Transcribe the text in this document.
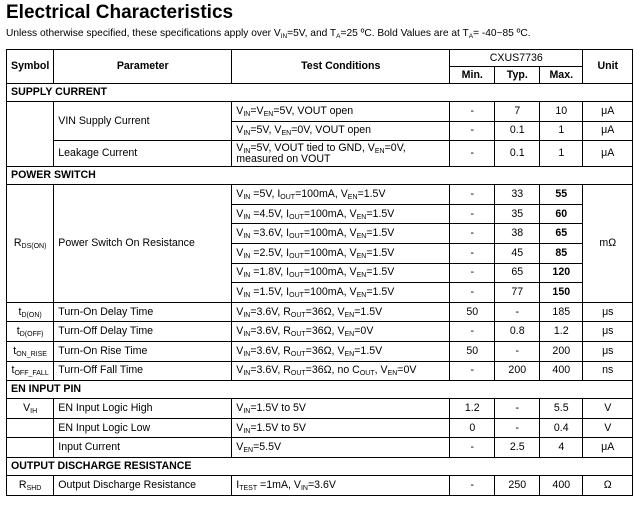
Electrical Characteristics
Unless otherwise specified, these specifications apply over $V_{IN}=5V$, and $T_A=25$ ºC. Bold Values are at $T_A=$ -40~85 ºC.
Symbol	Parameter	Test Conditions	CXUS7736			Unit
			Min.	Typ.	Max.	
SUPPLY CURRENT						
	VIN Supply Current	$V_{IN}=V_{EN}=5V$, VOUT open	-	7	10	μA
		$V_{IN}=5V$, $V_{EN}=0V$, VOUT open	-	0.1	1	μA
	Leakage Current	$V_{IN}=5V$, VOUT tied to GND, $V_{EN}=0V$,
measured on VOUT	-	0.1	1	μA
POWER SWITCH						
$R_{DS(ON)}$	Power Switch On Resistance	$V_{IN} =5V$, $I_{OUT}=100mA$, $V_{EN}=1.5V$	-	33	55	mΩ
		$V_{IN} =4.5V$, $I_{OUT}=100mA$, $V_{EN}=1.5V$	-	35	60	
		$V_{IN} =3.6V$, $I_{OUT}=100mA$, $V_{EN}=1.5V$	-	38	65	
		$V_{IN} =2.5V$, $I_{OUT}=100mA$, $V_{EN}=1.5V$	-	45	85	
		$V_{IN} =1.8V$, $I_{OUT}=100mA$, $V_{EN}=1.5V$	-	65	120	
		$V_{IN} =1.5V$, $I_{OUT}=100mA$, $V_{EN}=1.5V$	-	77	150	
$t_{D(ON)}$	Turn-On Delay Time	$V_{IN}=3.6V$, $R_{OUT}=36\Omega$, $V_{EN}=1.5V$	50	-	185	μs
$t_{D(OFF)}$	Turn-Off Delay Time	$V_{IN}=3.6V$, $R_{OUT}=36\Omega$, $V_{EN}=0V$	-	0.8	1.2	μs
$t_{ON\_RISE}$	Turn-On Rise Time	$V_{IN}=3.6V$, $R_{OUT}=36\Omega$, $V_{EN}=1.5V$	50	-	200	μs
$t_{OFF\_FALL}$	Turn-Off Fall Time	$V_{IN}=3.6V$, $R_{OUT}=36\Omega$, no $C_{OUT}$, $V_{EN}=0V$	-	200	400	ns
EN INPUT PIN						
$V_{IH}$	EN Input Logic High	$V_{IN}=1.5V$ to 5V	1.2	-	5.5	V
	EN Input Logic Low	$V_{IN}=1.5V$ to 5V	0	-	0.4	V
	Input Current	$V_{EN}=5.5V$	-	2.5	4	μA
OUTPUT DISCHARGE RESISTANCE						
$R_{SHD}$	Output Discharge Resistance	$I_{TEST} =1mA$, $V_{IN}=3.6V$	-	250	400	Ω
